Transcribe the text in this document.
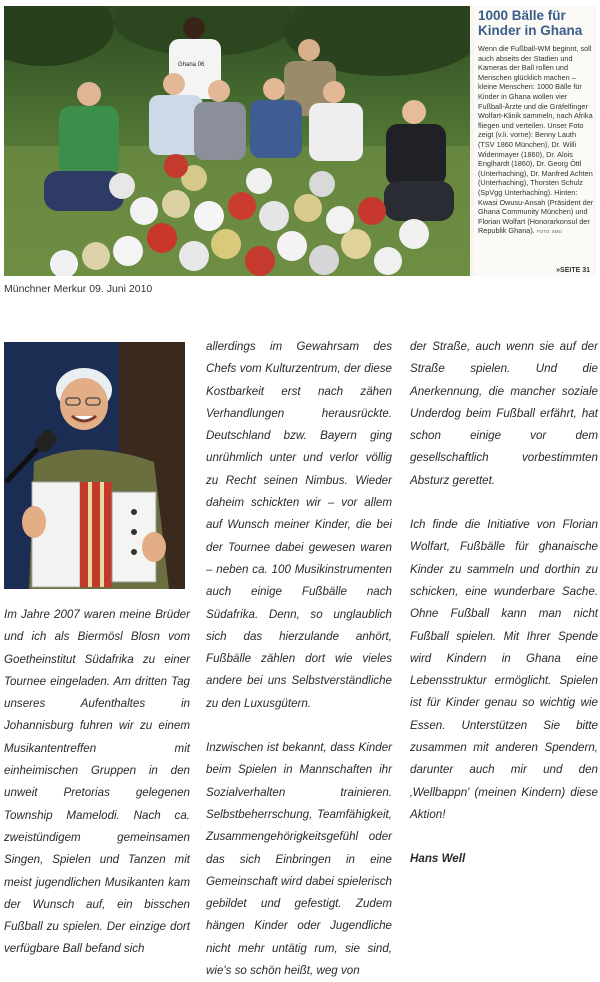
Ghana 06
1000 Bälle für Kinder in Ghana
Wenn die Fußball-WM beginnt, soll auch abseits der Stadien und Kameras der Ball rollen und Menschen glücklich machen – kleine Menschen: 1000 Bälle für Kinder in Ghana wollen vier Fußball-Ärzte und die Gräfelfinger Wolfart-Klinik sammeln, nach Afrika fliegen und verteilen. Unser Foto zeigt (v.li. vorne): Benny Lauth (TSV 1860 München), Dr. Willi Widenmayer (1860), Dr. Alois Englhardt (1860), Dr. Georg Öttl (Unterhaching), Dr. Manfred Achten (Unterhaching), Thorsten Schulz (SpVgg Unterhaching). Hinten: Kwasi Owusu-Ansah (Präsident der Ghana Community München) und Florian Wolfart (Honorarkonsul der Republik Ghana). FOTO: SMO
»SEITE 31
Münchner Merkur 09. Juni 2010

Im Jahre 2007 waren meine Brüder und ich als Biermösl Blosn vom Goetheinstitut Südafrika zu einer Tournee eingeladen. Am dritten Tag unseres Aufenthaltes in Johannisburg fuhren wir zu einem Musikantentreffen mit einheimischen Gruppen in den unweit Pretorias gelegenen Township Mamelodi. Nach ca. zweistündigem gemeinsamen Singen, Spielen und Tanzen mit meist jugendlichen Musikanten kam der Wunsch auf, ein bisschen Fußball zu spielen. Der einzige dort verfügbare Ball befand sich

allerdings im Gewahrsam des Chefs vom Kulturzentrum, der diese Kostbarkeit erst nach zähen Verhandlungen herausrückte. Deutschland bzw. Bayern ging unrühmlich unter und verlor völlig zu Recht seinen Nimbus. Wieder daheim schickten wir – vor allem auf Wunsch meiner Kinder, die bei der Tournee dabei gewesen waren – neben ca. 100 Musikinstrumenten auch einige Fußbälle nach Südafrika. Denn, so unglaublich sich das hierzulande anhört, Fußbälle zählen dort wie vieles andere bei uns Selbstverständliche zu den Luxusgütern.

Inzwischen ist bekannt, dass Kinder beim Spielen in Mannschaften ihr Sozialverhalten trainieren. Selbstbeherrschung, Teamfähigkeit, Zusammengehörigkeitsgefühl oder das sich Einbringen in eine Gemeinschaft wird dabei spielerisch gebildet und gefestigt. Zudem hängen Kinder oder Jugendliche nicht mehr untätig rum, sie sind, wie's so schön heißt, weg von

der Straße, auch wenn sie auf der Straße spielen. Und die Anerkennung, die mancher soziale Underdog beim Fußball erfährt, hat schon einige vor dem gesellschaftlich vorbestimmten Absturz gerettet.

Ich finde die Initiative von Florian Wolfart, Fußbälle für ghanaische Kinder zu sammeln und dorthin zu schicken, eine wunderbare Sache. Ohne Fußball kann man nicht Fußball spielen. Mit Ihrer Spende wird Kindern in Ghana eine Lebensstruktur ermöglicht. Spielen ist für Kinder genau so wichtig wie Essen. Unterstützen Sie bitte zusammen mit anderen Spendern, darunter auch mir und den ‚Wellbappn' (meinen Kindern) diese Aktion!

Hans Well
